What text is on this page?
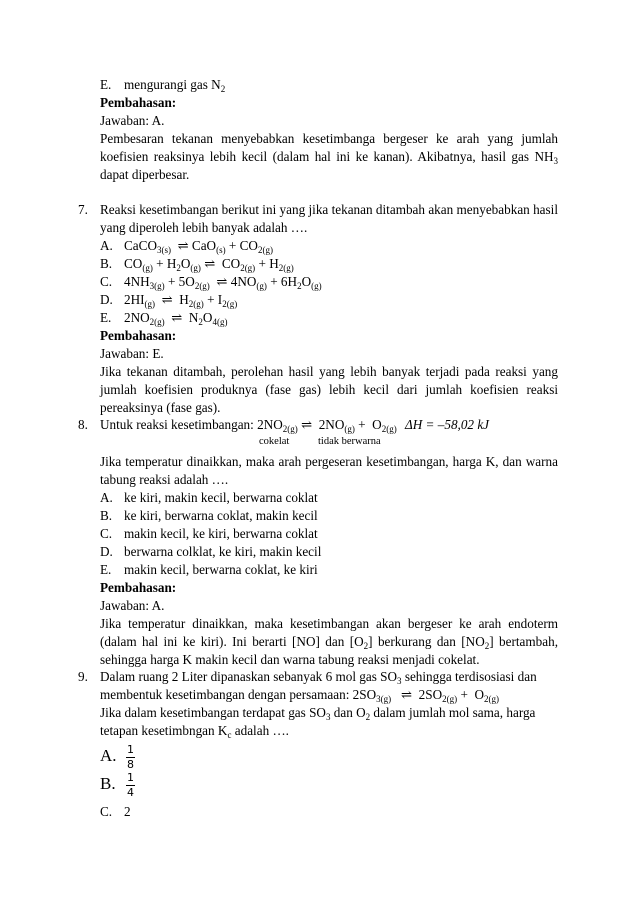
E. mengurangi gas $N_2$
Pembahasan:
Jawaban: A.
Pembesaran tekanan menyebabkan kesetimbanga bergeser ke arah yang jumlah koefisien reaksinya lebih kecil (dalam hal ini ke kanan). Akibatnya, hasil gas $NH_3$ dapat diperbesar.
7. Reaksi kesetimbangan berikut ini yang jika tekanan ditambah akan menyebabkan hasil yang diperoleh lebih banyak adalah ….
A. CaCO$_{3(s)}$  ⇌ $CaO_{(s)} + CO_{2(g)}$
B. $CO_{(g)} + H_2O_{(g)}$ ⇌  $CO_{2(g)} + H_{2(g)}$
C. $4NH_{3(g)} + 5O_{2(g)}$  ⇌ $4NO_{(g)} + 6H_2O_{(g)}$
D. $2HI_{(g)}$  ⇌  $H_{2(g)} + I_{2(g)}$
E. $2NO_{2(g)}$  ⇌  $N_2O_{4(g)}$
Pembahasan:
Jawaban: E.
Jika tekanan ditambah, perolehan hasil yang lebih banyak terjadi pada reaksi yang jumlah koefisien produknya (fase gas) lebih kecil dari jumlah koefisien reaksi pereaksinya (fase gas).
8. Untuk reaksi kesetimbangan: $2NO_{2(g)}$ ⇌  $2NO_{(g)} + O_{2(g)}$ ΔH = –58,02 kJ
cokelat	tidak berwarna
Jika temperatur dinaikkan, maka arah pergeseran kesetimbangan, harga K, dan warna tabung reaksi adalah ….
A. ke kiri, makin kecil, berwarna coklat
B. ke kiri, berwarna coklat, makin kecil
C. makin kecil, ke kiri, berwarna coklat
D. berwarna colklat, ke kiri, makin kecil
E. makin kecil, berwarna coklat, ke kiri
Pembahasan:
Jawaban: A.
Jika temperatur dinaikkan, maka kesetimbangan akan bergeser ke arah endoterm (dalam hal ini ke kiri). Ini berarti [NO] dan $[O_2]$ berkurang dan $[NO_2]$ bertambah, sehingga harga K makin kecil dan warna tabung reaksi menjadi cokelat.
9. Dalam ruang 2 Liter dipanaskan sebanyak 6 mol gas $SO_3$ sehingga terdisosiasi dan
membentuk kesetimbangan dengan persamaan: $2SO_{3(g)}$   ⇌  $2SO_{2(g)} + O_{2(g)}$
Jika dalam kesetimbangan terdapat gas $SO_3$ dan $O_2$ dalam jumlah mol sama, harga
tetapan kesetimbngan $K_c$ adalah ….
A. $\frac{1}{8}$
B. $\frac{1}{4}$
C. 2
